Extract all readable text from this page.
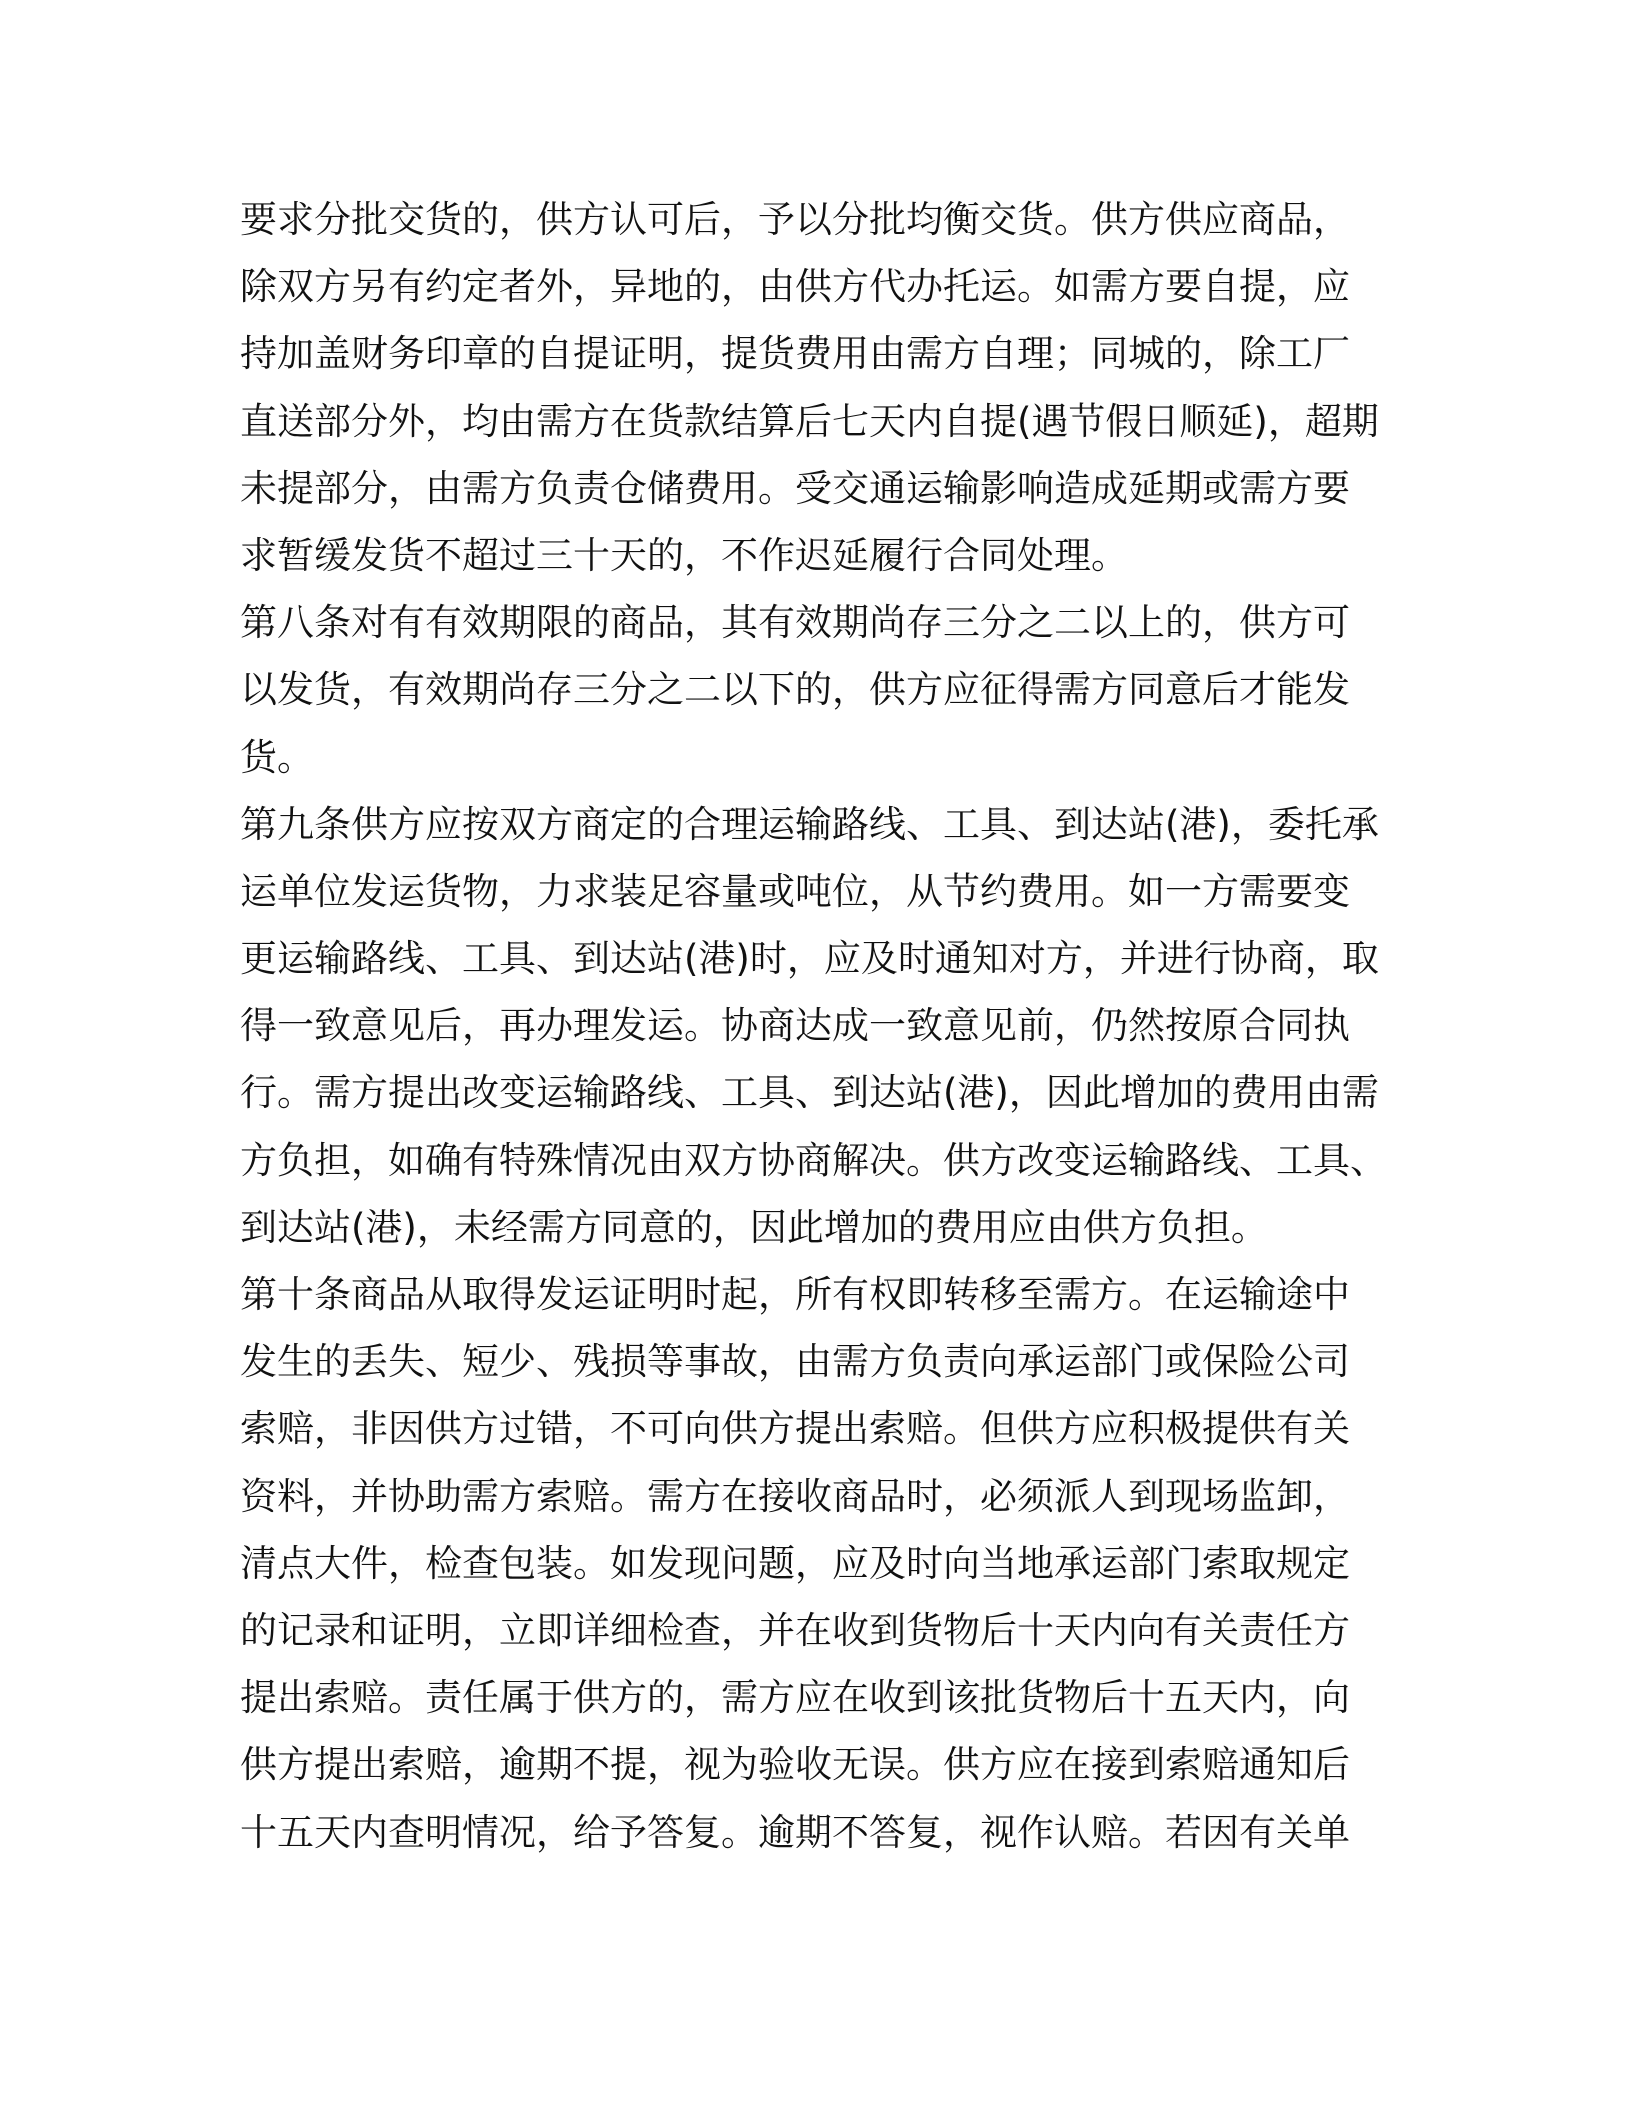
要求分批交货的，供方认可后，予以分批均衡交货。供方供应商品，
除双方另有约定者外，异地的，由供方代办托运。如需方要自提，应
持加盖财务印章的自提证明，提货费用由需方自理；同城的，除工厂
直送部分外，均由需方在货款结算后七天内自提(遇节假日顺延)，超期
未提部分，由需方负责仓储费用。受交通运输影响造成延期或需方要
求暂缓发货不超过三十天的，不作迟延履行合同处理。
第八条对有有效期限的商品，其有效期尚存三分之二以上的，供方可
以发货，有效期尚存三分之二以下的，供方应征得需方同意后才能发
货。
第九条供方应按双方商定的合理运输路线、工具、到达站(港)，委托承
运单位发运货物，力求装足容量或吨位，从节约费用。如一方需要变
更运输路线、工具、到达站(港)时，应及时通知对方，并进行协商，取
得一致意见后，再办理发运。协商达成一致意见前，仍然按原合同执
行。需方提出改变运输路线、工具、到达站(港)，因此增加的费用由需
方负担，如确有特殊情况由双方协商解决。供方改变运输路线、工具、
到达站(港)，未经需方同意的，因此增加的费用应由供方负担。
第十条商品从取得发运证明时起，所有权即转移至需方。在运输途中
发生的丢失、短少、残损等事故，由需方负责向承运部门或保险公司
索赔，非因供方过错，不可向供方提出索赔。但供方应积极提供有关
资料，并协助需方索赔。需方在接收商品时，必须派人到现场监卸，
清点大件，检查包装。如发现问题，应及时向当地承运部门索取规定
的记录和证明，立即详细检查，并在收到货物后十天内向有关责任方
提出索赔。责任属于供方的，需方应在收到该批货物后十五天内，向
供方提出索赔，逾期不提，视为验收无误。供方应在接到索赔通知后
十五天内查明情况，给予答复。逾期不答复，视作认赔。若因有关单
